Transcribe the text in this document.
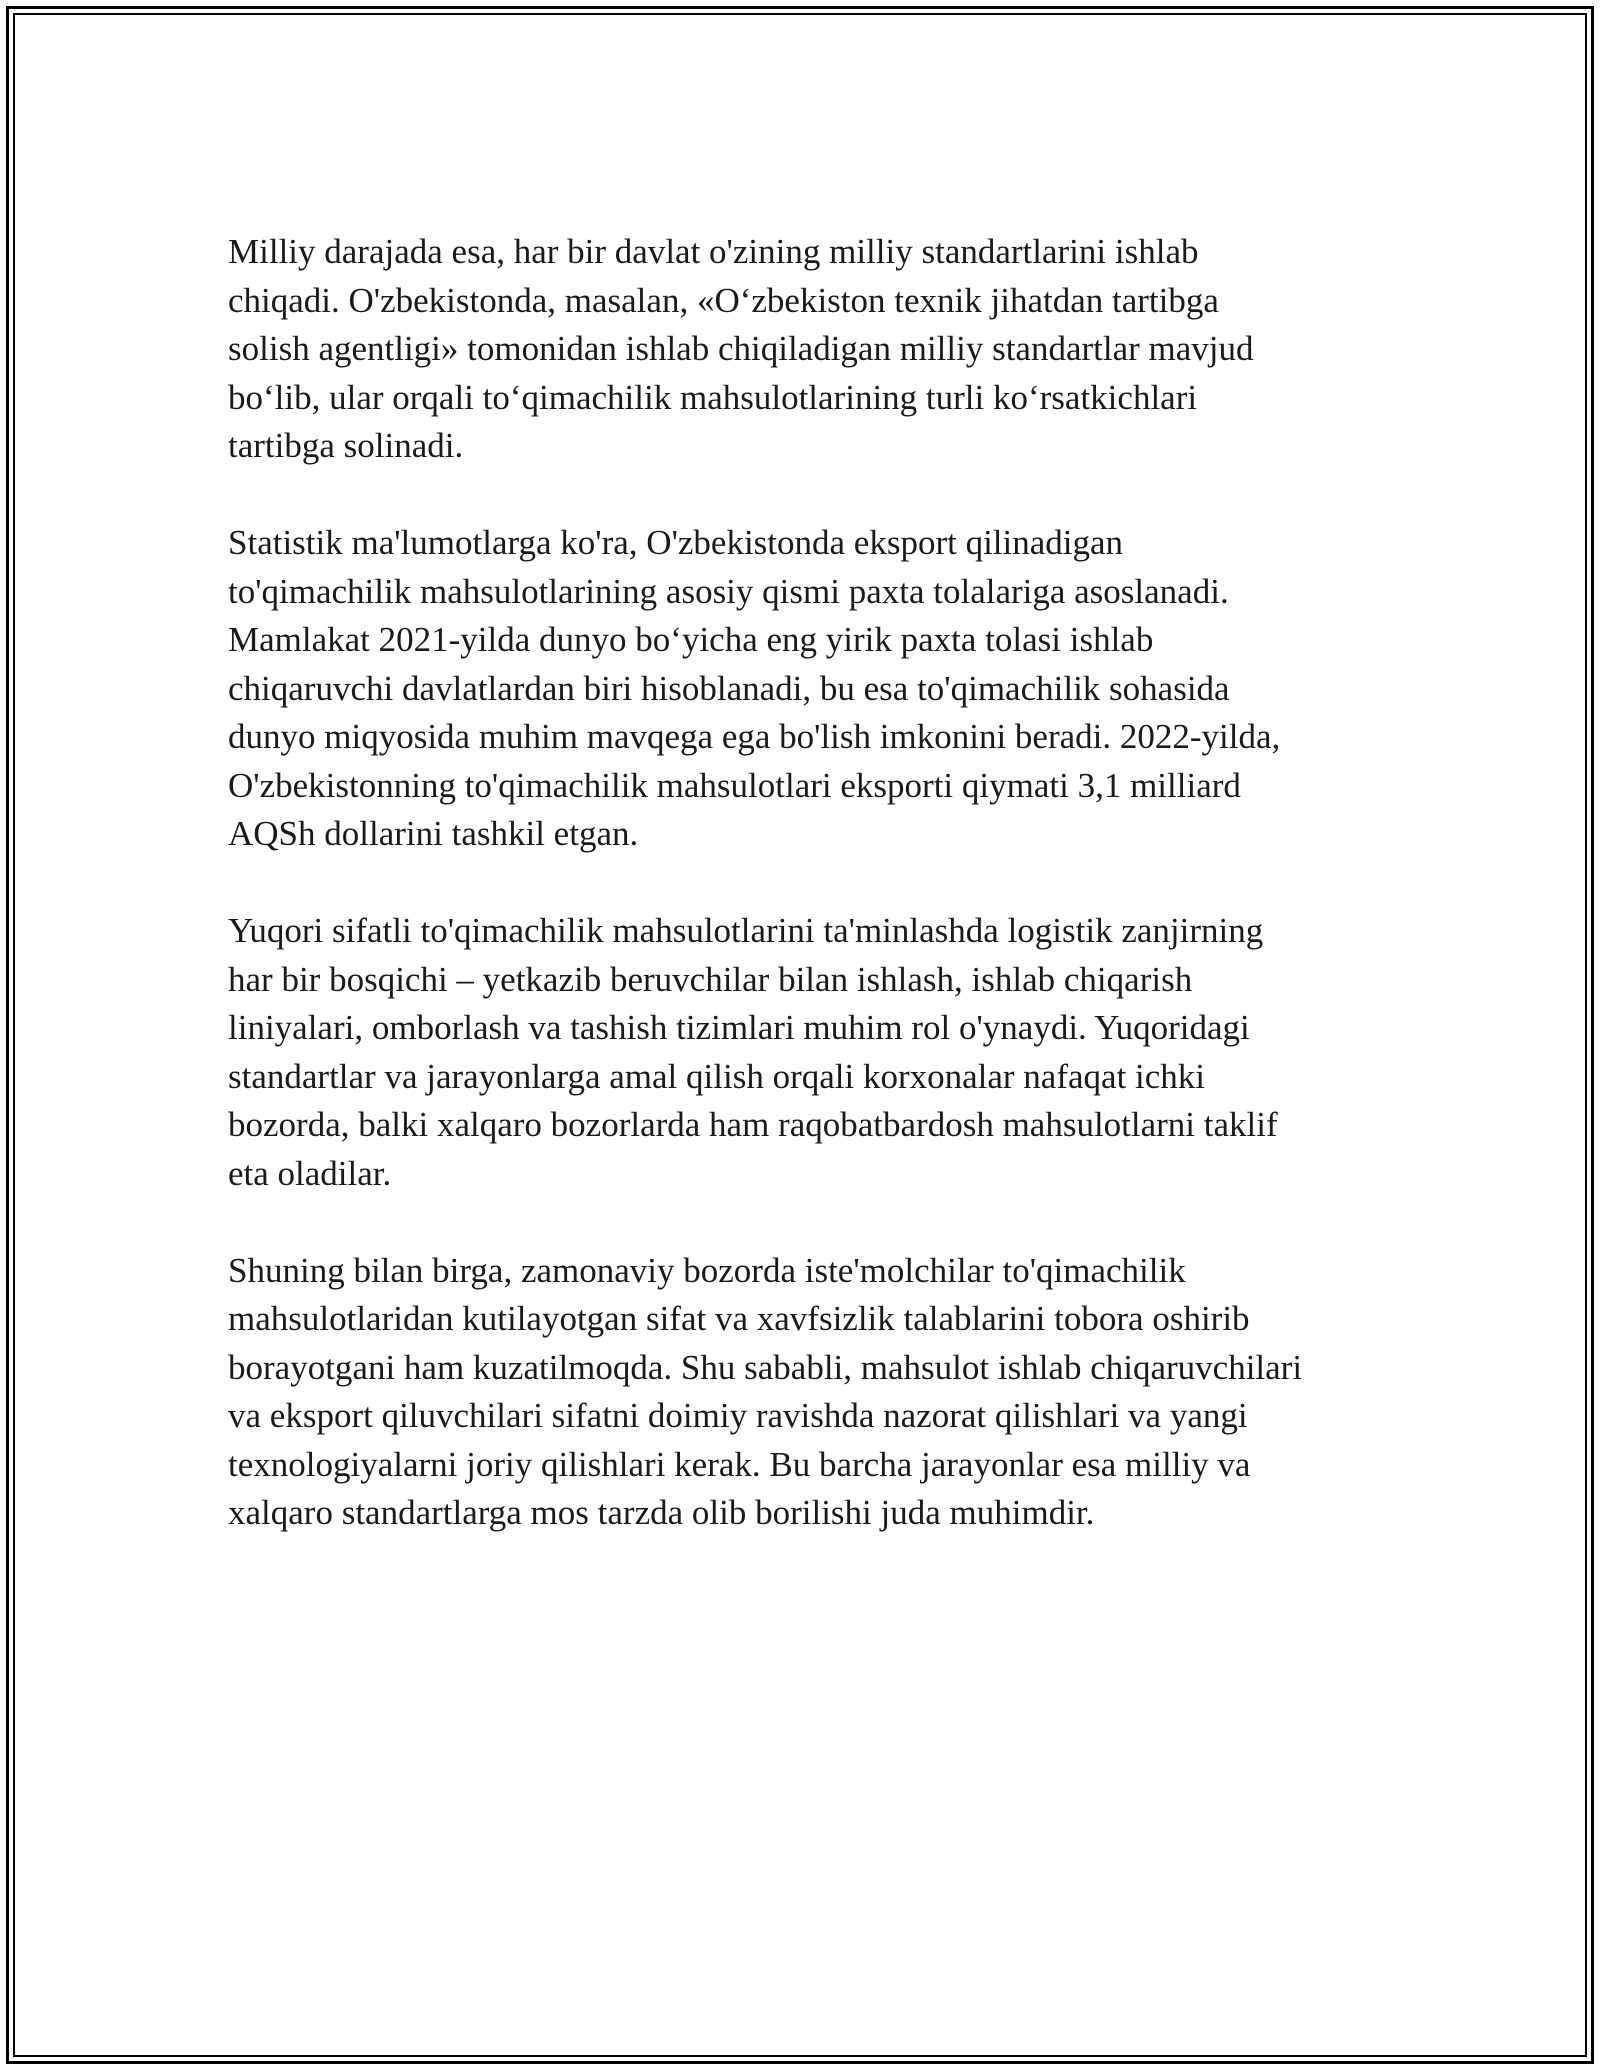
Milliy darajada esa, har bir davlat o'zining milliy standartlarini ishlab
chiqadi. O'zbekistonda, masalan, «O‘zbekiston texnik jihatdan tartibga
solish agentligi» tomonidan ishlab chiqiladigan milliy standartlar mavjud
bo‘lib, ular orqali to‘qimachilik mahsulotlarining turli ko‘rsatkichlari
tartibga solinadi.

Statistik ma'lumotlarga ko'ra, O'zbekistonda eksport qilinadigan
to'qimachilik mahsulotlarining asosiy qismi paxta tolalariga asoslanadi.
Mamlakat 2021-yilda dunyo bo‘yicha eng yirik paxta tolasi ishlab
chiqaruvchi davlatlardan biri hisoblanadi, bu esa to'qimachilik sohasida
dunyo miqyosida muhim mavqega ega bo'lish imkonini beradi. 2022-yilda,
O'zbekistonning to'qimachilik mahsulotlari eksporti qiymati 3,1 milliard
AQSh dollarini tashkil etgan.

Yuqori sifatli to'qimachilik mahsulotlarini ta'minlashda logistik zanjirning
har bir bosqichi – yetkazib beruvchilar bilan ishlash, ishlab chiqarish
liniyalari, omborlash va tashish tizimlari muhim rol o'ynaydi. Yuqoridagi
standartlar va jarayonlarga amal qilish orqali korxonalar nafaqat ichki
bozorda, balki xalqaro bozorlarda ham raqobatbardosh mahsulotlarni taklif
eta oladilar.

Shuning bilan birga, zamonaviy bozorda iste'molchilar to'qimachilik
mahsulotlaridan kutilayotgan sifat va xavfsizlik talablarini tobora oshirib
borayotgani ham kuzatilmoqda. Shu sababli, mahsulot ishlab chiqaruvchilari
va eksport qiluvchilari sifatni doimiy ravishda nazorat qilishlari va yangi
texnologiyalarni joriy qilishlari kerak. Bu barcha jarayonlar esa milliy va
xalqaro standartlarga mos tarzda olib borilishi juda muhimdir.
